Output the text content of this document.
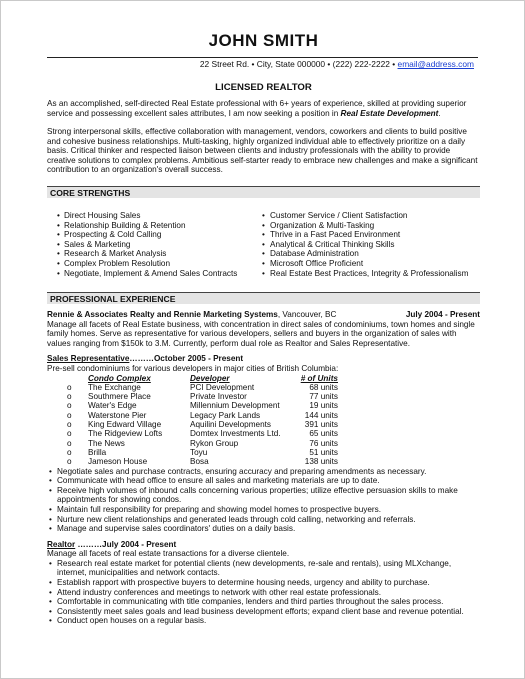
JOHN SMITH
22 Street Rd. • City, State 000000 • (222) 222-2222 • email@address.com
LICENSED REALTOR

As an accomplished, self-directed Real Estate professional with 6+ years of experience, skilled at providing superior service and possessing excellent sales attributes, I am now seeking a position in Real Estate Development.

Strong interpersonal skills, effective collaboration with management, vendors, coworkers and clients to build positive and cohesive business relationships. Multi-tasking, highly organized individual able to effectively prioritize on a daily basis. Critical thinker and respected liaison between clients and industry professionals with the ability to provide creative solutions to complex problems. Ambitious self-starter ready to embrace new challenges and make a significant contribution to an organization's overall success.

CORE STRENGTHS
• Direct Housing Sales
• Relationship Building & Retention
• Prospecting & Cold Calling
• Sales & Marketing
• Research & Market Analysis
• Complex Problem Resolution
• Negotiate, Implement & Amend Sales Contracts
• Customer Service / Client Satisfaction
• Organization & Multi-Tasking
• Thrive in a Fast Paced Environment
• Analytical & Critical Thinking Skills
• Database Administration
• Microsoft Office Proficient
• Real Estate Best Practices, Integrity & Professionalism
PROFESSIONAL EXPERIENCE
Rennie & Associates Realty and Rennie Marketing Systems, Vancouver, BC	July 2004 - Present
Manage all facets of Real Estate business, with concentration in direct sales of condominiums, town homes and single family homes. Serve as representative for various developers, sellers and buyers in the organization of sales with values ranging from $150k to 3.M. Currently, perform dual role as Realtor and Sales Representative.
Sales Representative………October 2005 - Present
Pre-sell condominiums for various developers in major cities of British Columbia:
	Condo Complex	Developer	# of Units
o	The Exchange	PCI Development	68 units
o	Southmere Place	Private Investor	77 units
o	Water's Edge	Millennium Development	19 units
o	Waterstone Pier	Legacy Park Lands	144 units
o	King Edward Village	Aquilini Developments	391 units
o	The Ridgeview Lofts	Domtex Investments Ltd.	65 units
o	The News	Rykon Group	76 units
o	Brilla	Toyu	51 units
o	Jameson House	Bosa	138 units
• Negotiate sales and purchase contracts, ensuring accuracy and preparing amendments as necessary.
• Communicate with head office to ensure all sales and marketing materials are up to date.
• Receive high volumes of inbound calls concerning various properties; utilize effective persuasion skills to make appointments for showing condos.
• Maintain full responsibility for preparing and showing model homes to prospective buyers.
• Nurture new client relationships and generated leads through cold calling, networking and referrals.
• Manage and supervise sales coordinators' duties on a daily basis.
Realtor ………July 2004 - Present
Manage all facets of real estate transactions for a diverse clientele.
• Research real estate market for potential clients (new developments, re-sale and rentals), using MLXchange, internet, municipalities and network contacts.
• Establish rapport with prospective buyers to determine housing needs, urgency and ability to purchase.
• Attend industry conferences and meetings to network with other real estate professionals.
• Comfortable in communicating with title companies, lenders and third parties throughout the sales process.
• Consistently meet sales goals and lead business development efforts; expand client base and revenue potential.
• Conduct open houses on a regular basis.
